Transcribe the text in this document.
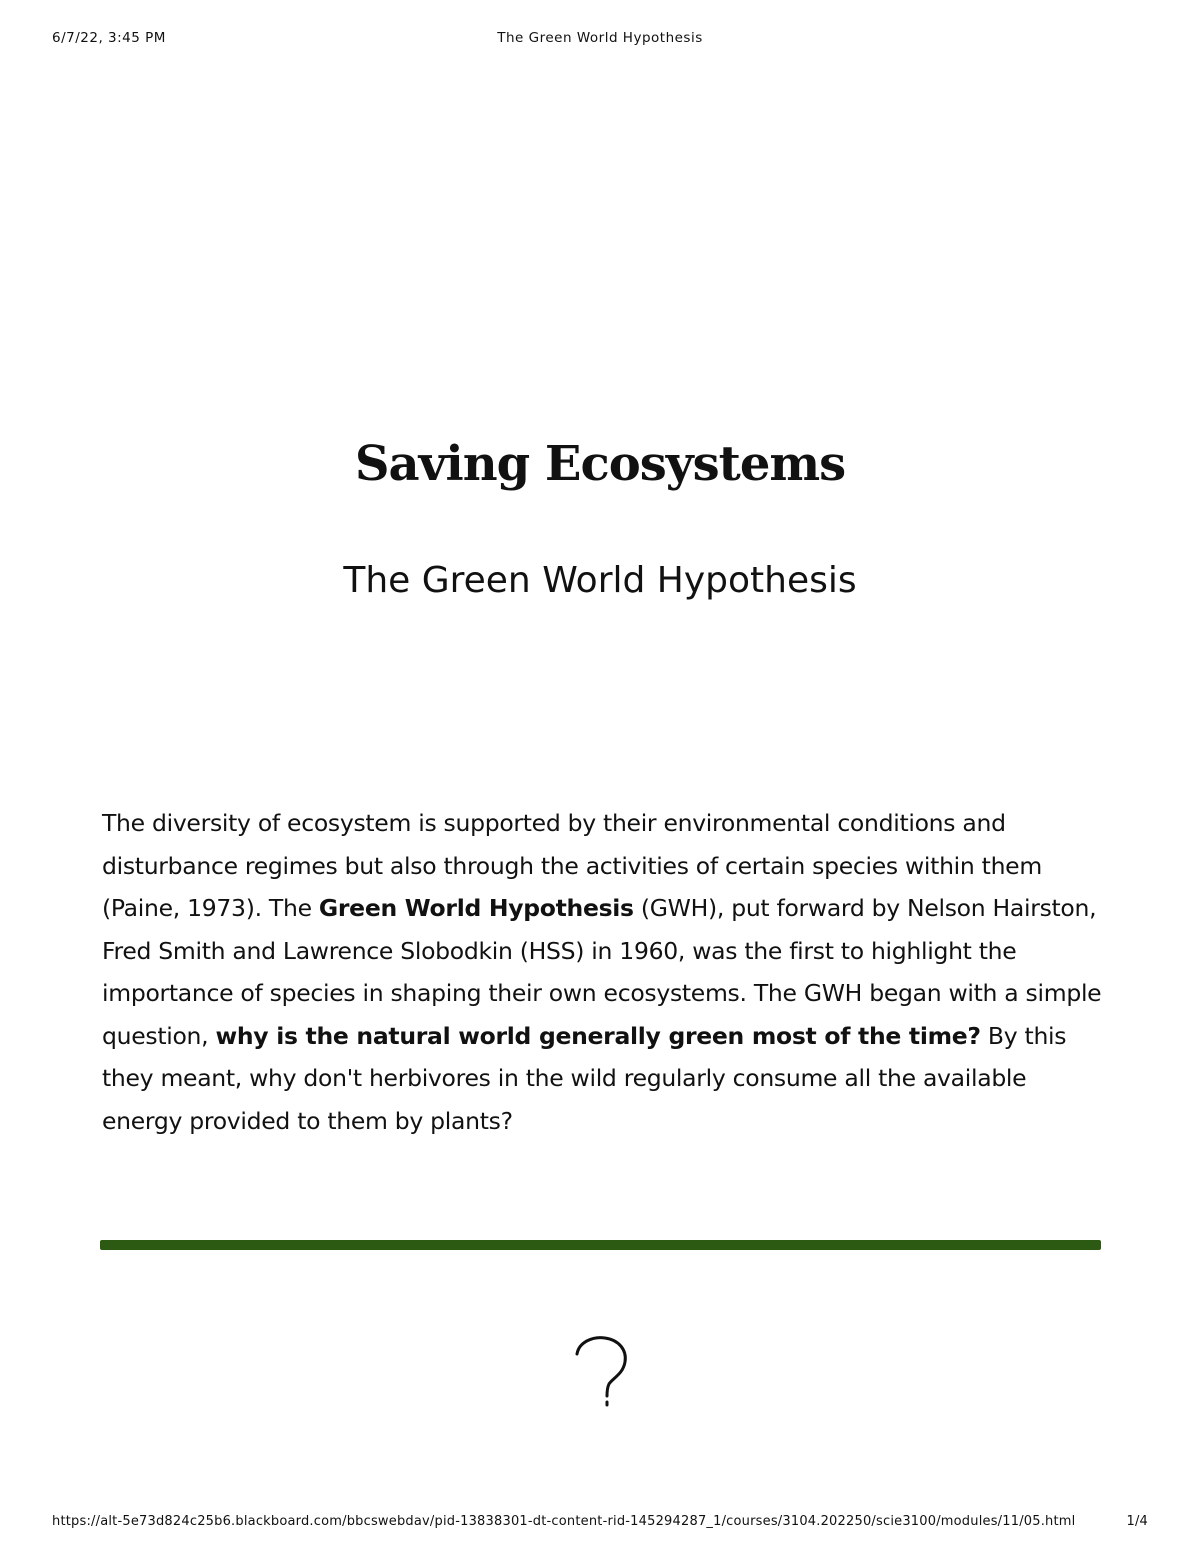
6/7/22, 3:45 PM	The Green World Hypothesis
Saving Ecosystems
The Green World Hypothesis

The diversity of ecosystem is supported by their environmental conditions and disturbance regimes but also through the activities of certain species within them (Paine, 1973). The Green World Hypothesis (GWH), put forward by Nelson Hairston, Fred Smith and Lawrence Slobodkin (HSS) in 1960, was the first to highlight the importance of species in shaping their own ecosystems. The GWH began with a simple question, why is the natural world generally green most of the time? By this they meant, why don't herbivores in the wild regularly consume all the available energy provided to them by plants?

https://alt-5e73d824c25b6.blackboard.com/bbcswebdav/pid-13838301-dt-content-rid-145294287_1/courses/3104.202250/scie3100/modules/11/05.html	1/4
